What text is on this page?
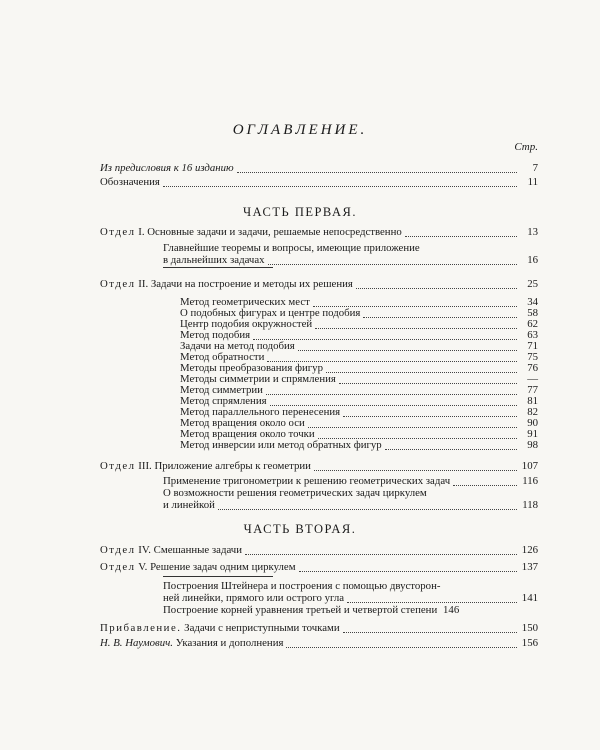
ОГЛАВЛЕНИЕ.
Стр.
Из предисловия к 16 изданию	7
Обозначения	11
ЧАСТЬ ПЕРВАЯ.
Отдел I. Основные задачи и задачи, решаемые непосредственно	13
Главнейшие теоремы и вопросы, имеющие приложение
в дальнейших задачах	16
Отдел II. Задачи на построение и методы их решения	25
Метод геометрических мест	34
О подобных фигурах и центре подобия	58
Центр подобия окружностей	62
Метод подобия	63
Задачи на метод подобия	71
Метод обратности	75
Методы преобразования фигур	76
Методы симметрии и спрямления	—
Метод симметрии	77
Метод спрямления	81
Метод параллельного перенесения	82
Метод вращения около оси	90
Метод вращения около точки	91
Метод инверсии или метод обратных фигур	98
Отдел III. Приложение алгебры к геометрии	107
Применение тригонометрии к решению геометрических задач	116
О возможности решения геометрических задач циркулем
и линейкой	118
ЧАСТЬ ВТОРАЯ.
Отдел IV. Смешанные задачи	126
Отдел V. Решение задач одним циркулем	137
Построения Штейнера и построения с помощью двусторон-
ней линейки, прямого или острого угла	141
Построение корней уравнения третьей и четвертой степени 146
Прибавление. Задачи с неприступными точками	150
Н. В. Наумович. Указания и дополнения	156
